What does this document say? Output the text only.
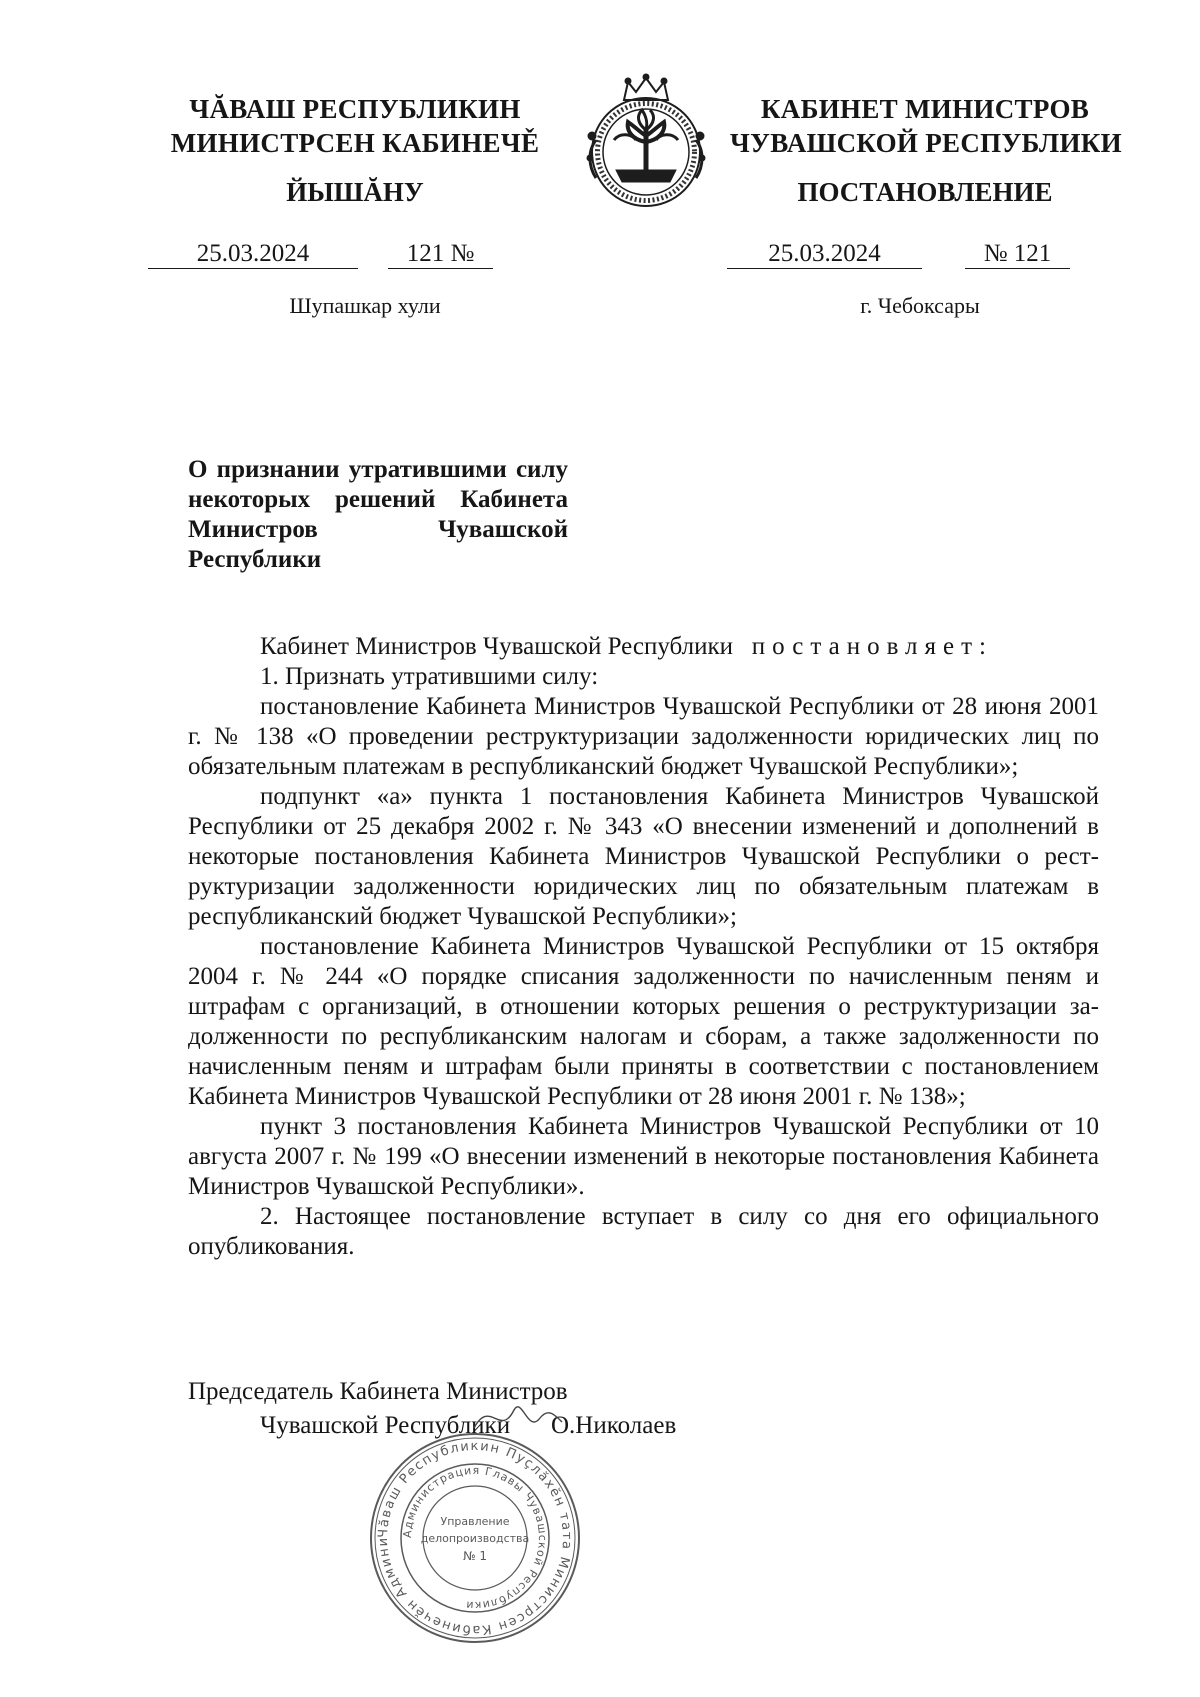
ЧĂВАШ РЕСПУБЛИКИН
МИНИСТРСЕН КАБИНЕЧĚ
ЙЫШĂНУ
25.03.2024	121 №
Шупашкар хули
КАБИНЕТ МИНИСТРОВ
ЧУВАШСКОЙ РЕСПУБЛИКИ
ПОСТАНОВЛЕНИЕ
25.03.2024	№ 121
г. Чебоксары
О признании утратившими силу некоторых решений Кабинета Министров Чувашской Республики

Кабинет Министров Чувашской Республики постановляет:

1. Признать утратившими силу:

постановление Кабинета Министров Чувашской Республики от 28 июня 2001 г. № 138 «О проведении реструктуризации задолженности юридических лиц по обязательным платежам в республиканский бюджет Чувашской Республики»;

подпункт «а» пункта 1 постановления Кабинета Министров Чувашской Республики от 25 декабря 2002 г. № 343 «О внесении изменений и дополнений в некоторые постановления Кабинета Министров Чувашской Республики о реструктуризации задолженности юридических лиц по обязательным платежам в республиканский бюджет Чувашской Республики»;

постановление Кабинета Министров Чувашской Республики от 15 октября 2004 г. № 244 «О порядке списания задолженности по начисленным пеням и штрафам с организаций, в отношении которых решения о реструктуризации задолженности по республиканским налогам и сборам, а также задолженности по начисленным пеням и штрафам были приняты в соответствии с постановлением Кабинета Министров Чувашской Республики от 28 июня 2001 г. № 138»;

пункт 3 постановления Кабинета Министров Чувашской Республики от 10 августа 2007 г. № 199 «О внесении изменений в некоторые постановления Кабинета Министров Чувашской Республики».

2. Настоящее постановление вступает в силу со дня его официального опубликования.

Председатель Кабинета Министров
Чувашской Республики О.Николаев
Чăваш Республикин Пуçлăхĕн тата Министрсен Кабинечĕн Админи
Администрация Главы Чувашской Республики
Управление
делопроизводства
№ 1
